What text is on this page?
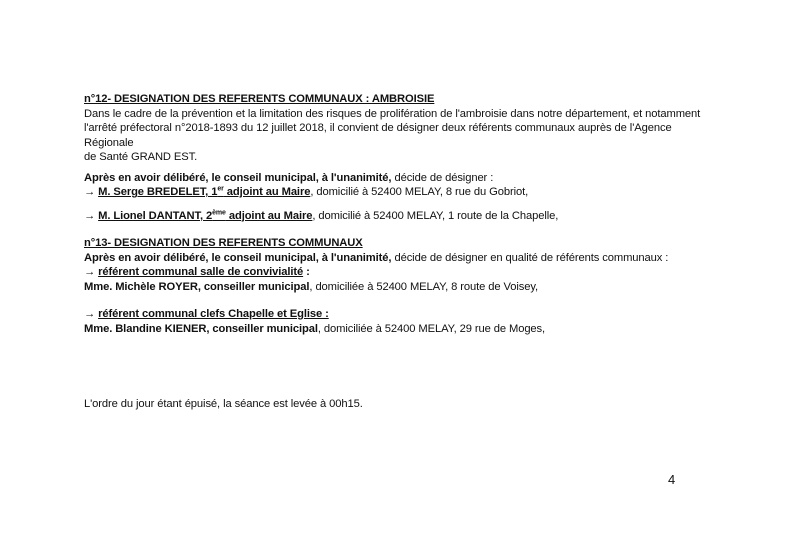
n°12- DESIGNATION DES REFERENTS COMMUNAUX : AMBROISIE

Dans le cadre de la prévention et la limitation des risques de prolifération de l'ambroisie dans notre département, et notamment

l'arrêté préfectoral n°2018-1893 du 12 juillet 2018, il convient de désigner deux référents communaux auprès de l'Agence Régionale

de Santé GRAND EST.

Après en avoir délibéré, le conseil municipal, à l'unanimité, décide de désigner :

→ M. Serge BREDELET, 1er adjoint au Maire, domicilié à 52400 MELAY, 8 rue du Gobriot,

→ M. Lionel DANTANT, 2ème adjoint au Maire, domicilié à 52400 MELAY, 1 route de la Chapelle,

n°13- DESIGNATION DES REFERENTS COMMUNAUX

Après en avoir délibéré, le conseil municipal, à l'unanimité, décide de désigner en qualité de référents communaux :

→ référent communal salle de convivialité :

Mme. Michèle ROYER, conseiller municipal, domiciliée à 52400 MELAY, 8 route de Voisey,

→ référent communal clefs Chapelle et Eglise :

Mme. Blandine KIENER, conseiller municipal, domiciliée à 52400 MELAY, 29 rue de Moges,

L'ordre du jour étant épuisé, la séance est levée à 00h15.

4
